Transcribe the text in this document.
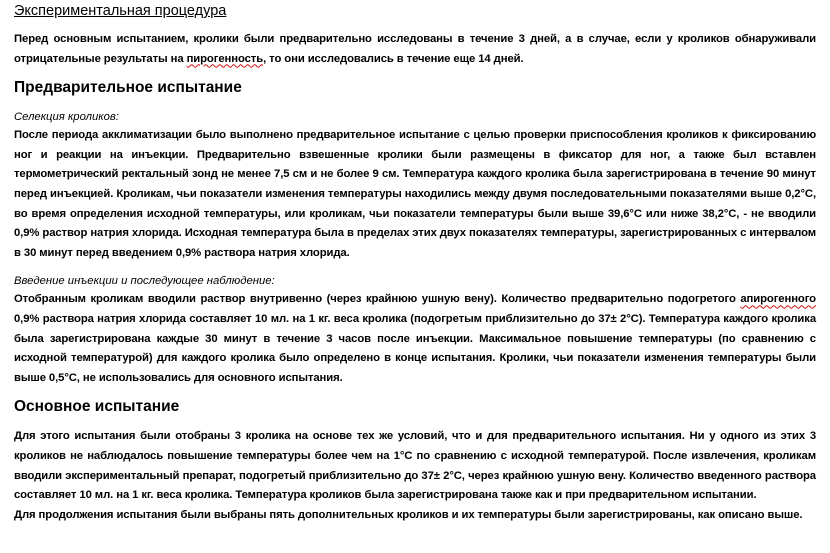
Экспериментальная процедура

Перед основным испытанием, кролики были предварительно исследованы в течение 3 дней, а в случае, если у кроликов обнаруживали отрицательные результаты на пирогенность, то они исследовались в течение еще 14 дней.

Предварительное испытание
Селекция кроликов:

После периода акклиматизации было выполнено предварительное испытание с целью проверки приспособления кроликов к фиксированию ног и реакции на инъекции. Предварительно взвешенные кролики были размещены в фиксатор для ног, а также был вставлен термометрический ректальный зонд не менее 7,5 см и не более 9 см. Температура каждого кролика была зарегистрирована в течение 90 минут перед инъекцией. Кроликам, чьи показатели изменения температуры находились между двумя последовательными показателями выше 0,2°C, во время определения исходной температуры, или кроликам, чьи показатели температуры были выше 39,6°C или ниже 38,2°C, - не вводили 0,9% раствор натрия хлорида. Исходная температура была в пределах этих двух показателях температуры, зарегистрированных с интервалом в 30 минут перед введением 0,9% раствора натрия хлорида.

Введение инъекции и последующее наблюдение:

Отобранным кроликам вводили раствор внутривенно (через крайнюю ушную вену). Количество предварительно подогретого апирогенного 0,9% раствора натрия хлорида составляет 10 мл. на 1 кг. веса кролика (подогретым приблизительно до 37± 2°C). Температура каждого кролика была зарегистрирована каждые 30 минут в течение 3 часов после инъекции. Максимальное повышение температуры (по сравнению с исходной температурой) для каждого кролика было определено в конце испытания. Кролики, чьи показатели изменения температуры были выше 0,5°C, не использовались для основного испытания.

Основное испытание

Для этого испытания были отобраны 3 кролика на основе тех же условий, что и для предварительного испытания. Ни у одного из этих 3 кроликов не наблюдалось повышение температуры более чем на 1°C по сравнению с исходной температурой. После извлечения, кроликам вводили экспериментальный препарат, подогретый приблизительно до 37± 2°C, через крайнюю ушную вену. Количество введенного раствора составляет 10 мл. на 1 кг. веса кролика. Температура кроликов была зарегистрирована также как и при предварительном испытании.

Для продолжения испытания были выбраны пять дополнительных кроликов и их температуры были зарегистрированы, как описано выше.
